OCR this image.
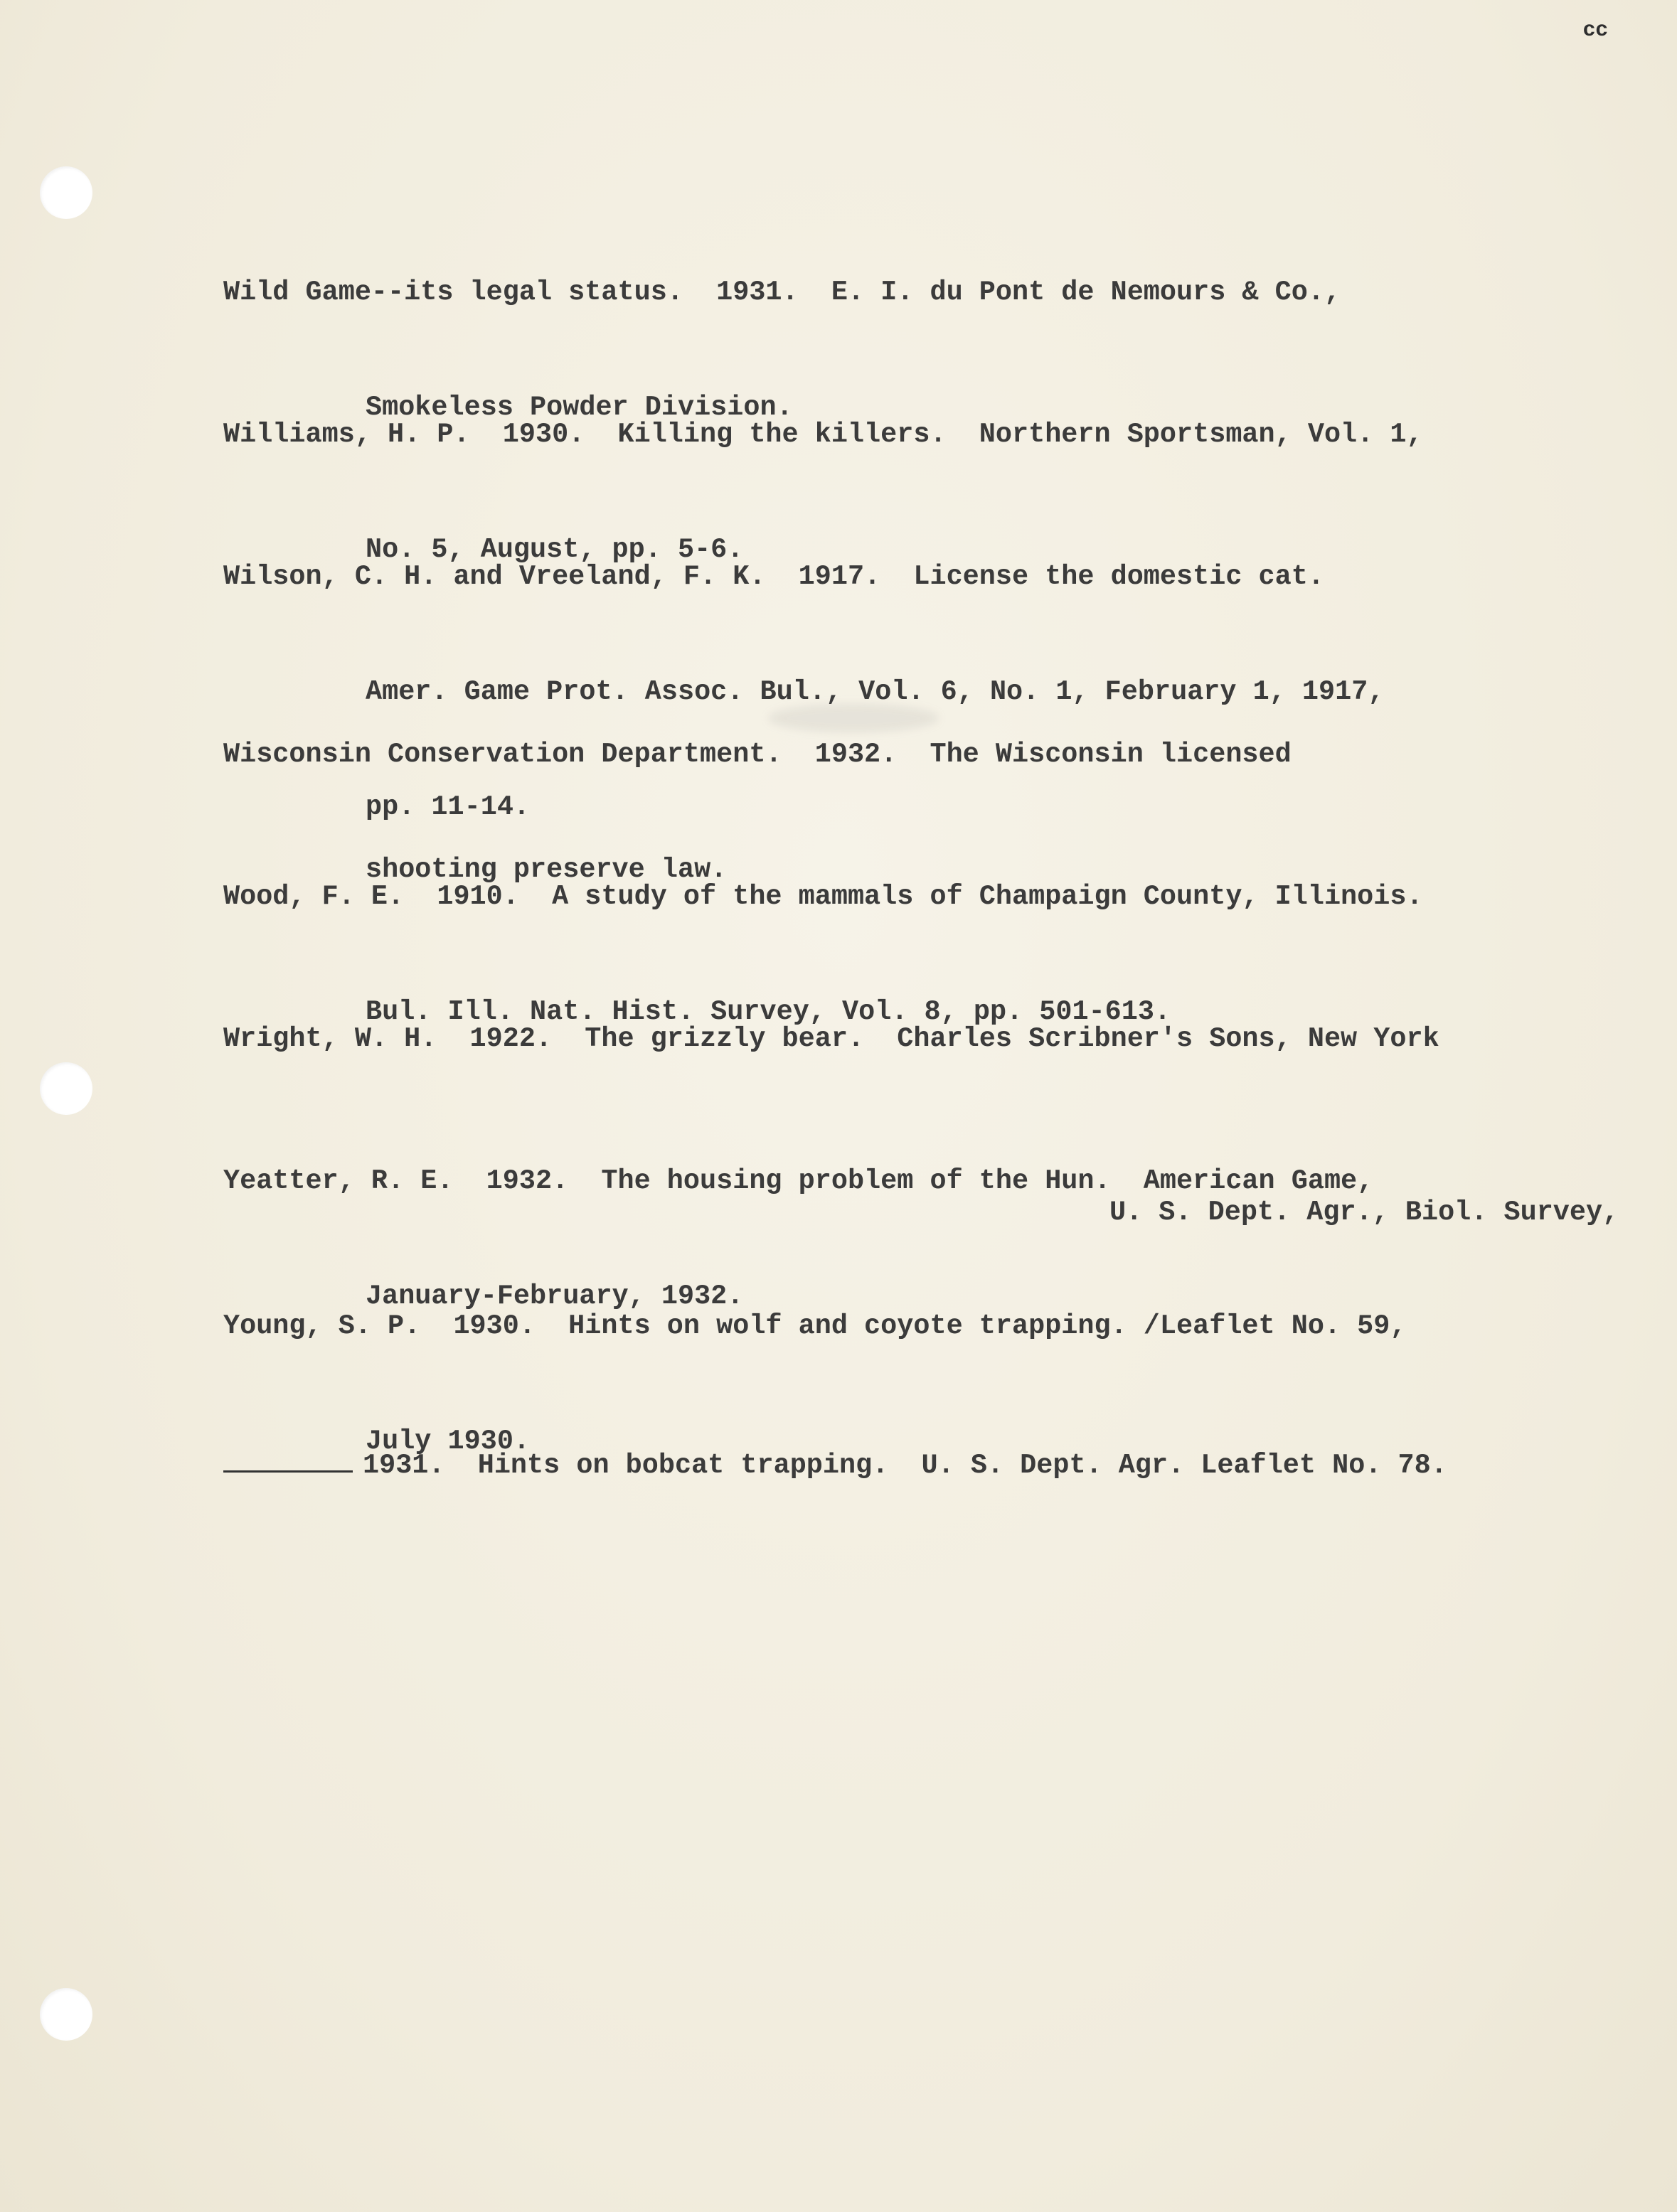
cc

Wild Game--its legal status.  1931.  E. I. du Pont de Nemours & Co.,

Smokeless Powder Division.

Williams, H. P.  1930.  Killing the killers.  Northern Sportsman, Vol. 1,

No. 5, August, pp. 5-6.

Wilson, C. H. and Vreeland, F. K.  1917.  License the domestic cat.

Amer. Game Prot. Assoc. Bul., Vol. 6, No. 1, February 1, 1917,

pp. 11-14.

Wisconsin Conservation Department.  1932.  The Wisconsin licensed

shooting preserve law.

Wood, F. E.  1910.  A study of the mammals of Champaign County, Illinois.

Bul. Ill. Nat. Hist. Survey, Vol. 8, pp. 501-613.

Wright, W. H.  1922.  The grizzly bear.  Charles Scribner's Sons, New York

Yeatter, R. E.  1932.  The housing problem of the Hun.  American Game,

January-February, 1932.

U. S. Dept. Agr., Biol. Survey,

Young, S. P.  1930.  Hints on wolf and coyote trapping. /Leaflet No. 59,

July 1930.

1931.  Hints on bobcat trapping.  U. S. Dept. Agr. Leaflet No. 78.
